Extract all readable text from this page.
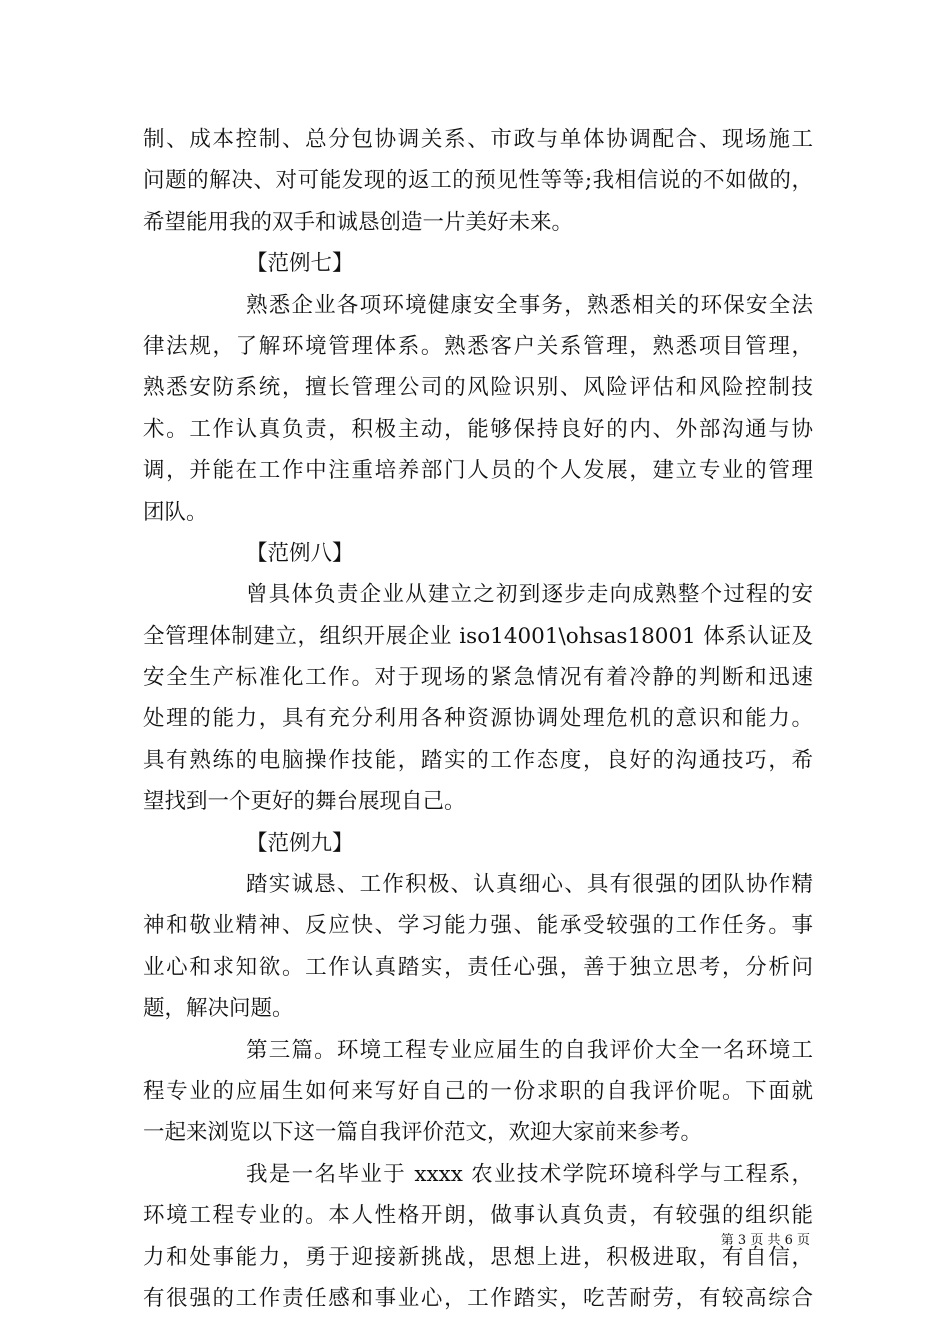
制、成本控制、总分包协调关系、市政与单体协调配合、现场施工
问题的解决、对可能发现的返工的预见性等等;我相信说的不如做的，
希望能用我的双手和诚恳创造一片美好未来。
【范例七】
熟悉企业各项环境健康安全事务，熟悉相关的环保安全法
律法规，了解环境管理体系。熟悉客户关系管理，熟悉项目管理，
熟悉安防系统，擅长管理公司的风险识别、风险评估和风险控制技
术。工作认真负责，积极主动，能够保持良好的内、外部沟通与协
调，并能在工作中注重培养部门人员的个人发展，建立专业的管理
团队。
【范例八】
曾具体负责企业从建立之初到逐步走向成熟整个过程的安
全管理体制建立，组织开展企业 iso14001\ohsas18001 体系认证及
安全生产标准化工作。对于现场的紧急情况有着冷静的判断和迅速
处理的能力，具有充分利用各种资源协调处理危机的意识和能力。
具有熟练的电脑操作技能，踏实的工作态度，良好的沟通技巧，希
望找到一个更好的舞台展现自己。
【范例九】
踏实诚恳、工作积极、认真细心、具有很强的团队协作精
神和敬业精神、反应快、学习能力强、能承受较强的工作任务。事
业心和求知欲。工作认真踏实，责任心强，善于独立思考，分析问
题，解决问题。
第三篇。环境工程专业应届生的自我评价大全一名环境工
程专业的应届生如何来写好自己的一份求职的自我评价呢。下面就
一起来浏览以下这一篇自我评价范文，欢迎大家前来参考。
我是一名毕业于 xxxx 农业技术学院环境科学与工程系，
环境工程专业的。本人性格开朗，做事认真负责，有较强的组织能
力和处事能力，勇于迎接新挑战，思想上进，积极进取，有自信，
有很强的工作责任感和事业心，工作踏实，吃苦耐劳，有较高综合
第 3 页 共 6 页
